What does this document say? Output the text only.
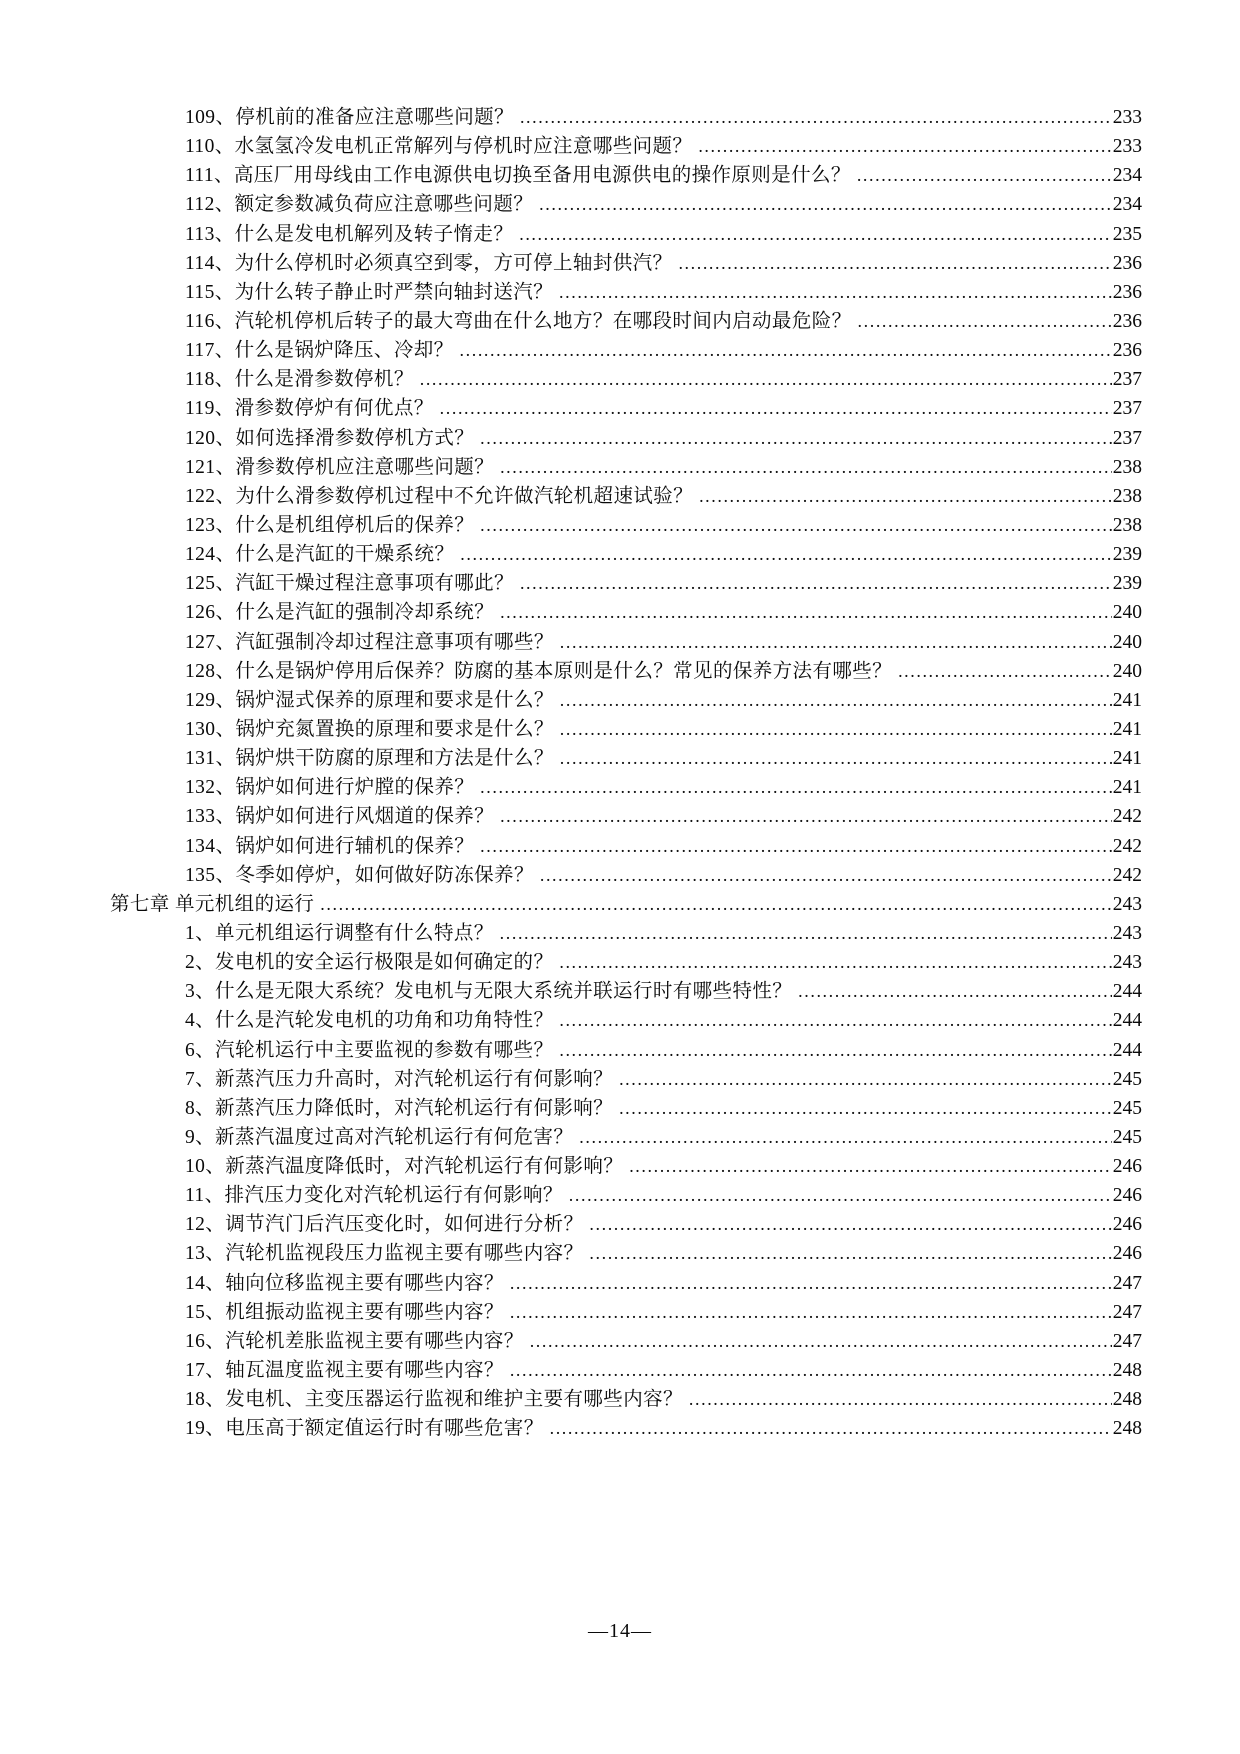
109、停机前的准备应注意哪些问题？ .....	233
110、水氢氢冷发电机正常解列与停机时应注意哪些问题？ .....	233
111、高压厂用母线由工作电源供电切换至备用电源供电的操作原则是什么？ .....	234
112、额定参数减负荷应注意哪些问题？ .....	234
113、什么是发电机解列及转子惰走？ .....	235
114、为什么停机时必须真空到零，方可停上轴封供汽？ .....	236
115、为什么转子静止时严禁向轴封送汽？ .....	236
116、汽轮机停机后转子的最大弯曲在什么地方？在哪段时间内启动最危险？ .....	236
117、什么是锅炉降压、冷却？ .....	236
118、什么是滑参数停机？ .....	237
119、滑参数停炉有何优点？ .....	237
120、如何选择滑参数停机方式？ .....	237
121、滑参数停机应注意哪些问题？ .....	238
122、为什么滑参数停机过程中不允许做汽轮机超速试验？ .....	238
123、什么是机组停机后的保养？ .....	238
124、什么是汽缸的干燥系统？ .....	239
125、汽缸干燥过程注意事项有哪此？ .....	239
126、什么是汽缸的强制冷却系统？ .....	240
127、汽缸强制冷却过程注意事项有哪些？ .....	240
128、什么是锅炉停用后保养？防腐的基本原则是什么？常见的保养方法有哪些？ .....	240
129、锅炉湿式保养的原理和要求是什么？ .....	241
130、锅炉充氮置换的原理和要求是什么？ .....	241
131、锅炉烘干防腐的原理和方法是什么？ .....	241
132、锅炉如何进行炉膛的保养？ .....	241
133、锅炉如何进行风烟道的保养？ .....	242
134、锅炉如何进行辅机的保养？ .....	242
135、冬季如停炉，如何做好防冻保养？ .....	242
第七章 单元机组的运行 .....	243
1、单元机组运行调整有什么特点？ .....	243
2、发电机的安全运行极限是如何确定的？ .....	243
3、什么是无限大系统？发电机与无限大系统并联运行时有哪些特性？ .....	244
4、什么是汽轮发电机的功角和功角特性？ .....	244
6、汽轮机运行中主要监视的参数有哪些？ .....	244
7、新蒸汽压力升高时，对汽轮机运行有何影响？ .....	245
8、新蒸汽压力降低时，对汽轮机运行有何影响？ .....	245
9、新蒸汽温度过高对汽轮机运行有何危害？ .....	245
10、新蒸汽温度降低时，对汽轮机运行有何影响？ .....	246
11、排汽压力变化对汽轮机运行有何影响？ .....	246
12、调节汽门后汽压变化时，如何进行分析？ .....	246
13、汽轮机监视段压力监视主要有哪些内容？ .....	246
14、轴向位移监视主要有哪些内容？ .....	247
15、机组振动监视主要有哪些内容？ .....	247
16、汽轮机差胀监视主要有哪些内容？ .....	247
17、轴瓦温度监视主要有哪些内容？ .....	248
18、发电机、主变压器运行监视和维护主要有哪些内容？ .....	248
19、电压高于额定值运行时有哪些危害？ .....	248
—14—
